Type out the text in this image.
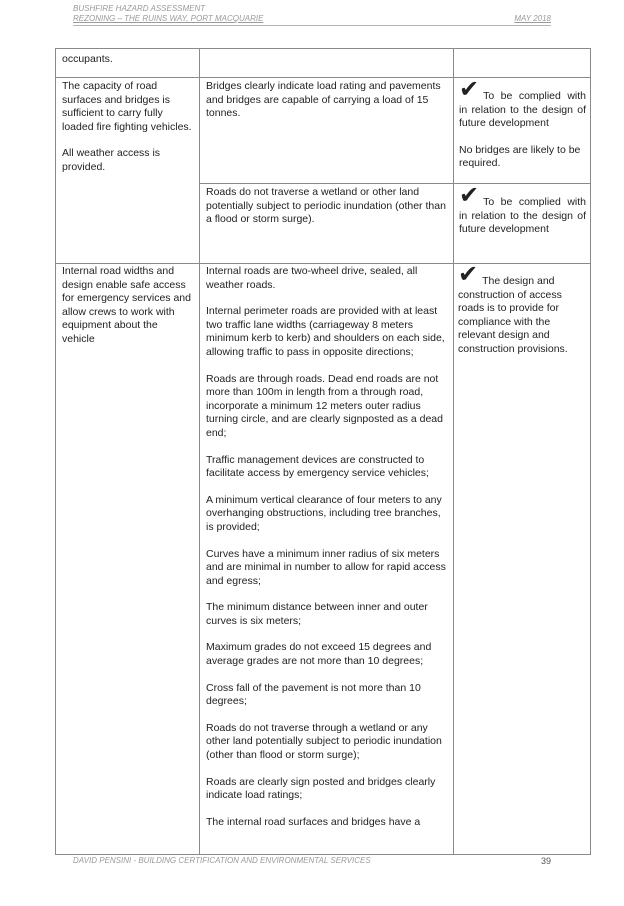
BUSHFIRE HAZARD ASSESSMENT
REZONING – THE RUINS WAY, PORT MACQUARIE	MAY 2018
occupants.

The capacity of road surfaces and bridges is sufficient to carry fully loaded fire fighting vehicles.

All weather access is provided.

Bridges clearly indicate load rating and pavements and bridges are capable of carrying a load of 15 tonnes.
Roads do not traverse a wetland or other land potentially subject to periodic inundation (other than a flood or storm surge).
✔ To be complied with in relation to the design of future development
No bridges are likely to be required.
✔ To be complied with in relation to the design of future development
Internal road widths and design enable safe access for emergency services and allow crews to work with equipment about the vehicle

Internal roads are two-wheel drive, sealed, all weather roads.

Internal perimeter roads are provided with at least two traffic lane widths (carriageway 8 meters minimum kerb to kerb) and shoulders on each side, allowing traffic to pass in opposite directions;

Roads are through roads. Dead end roads are not more than 100m in length from a through road, incorporate a minimum 12 meters outer radius turning circle, and are clearly signposted as a dead end;

Traffic management devices are constructed to facilitate access by emergency service vehicles;

A minimum vertical clearance of four meters to any overhanging obstructions, including tree branches, is provided;

Curves have a minimum inner radius of six meters and are minimal in number to allow for rapid access and egress;

The minimum distance between inner and outer curves is six meters;

Maximum grades do not exceed 15 degrees and average grades are not more than 10 degrees;

Cross fall of the pavement is not more than 10 degrees;

Roads do not traverse through a wetland or any other land potentially subject to periodic inundation (other than flood or storm surge);

Roads are clearly sign posted and bridges clearly indicate load ratings;

The internal road surfaces and bridges have a

✔ The design and construction of access roads is to provide for compliance with the relevant design and construction provisions.
DAVID PENSINI - BUILDING CERTIFICATION AND ENVIRONMENTAL SERVICES	39
